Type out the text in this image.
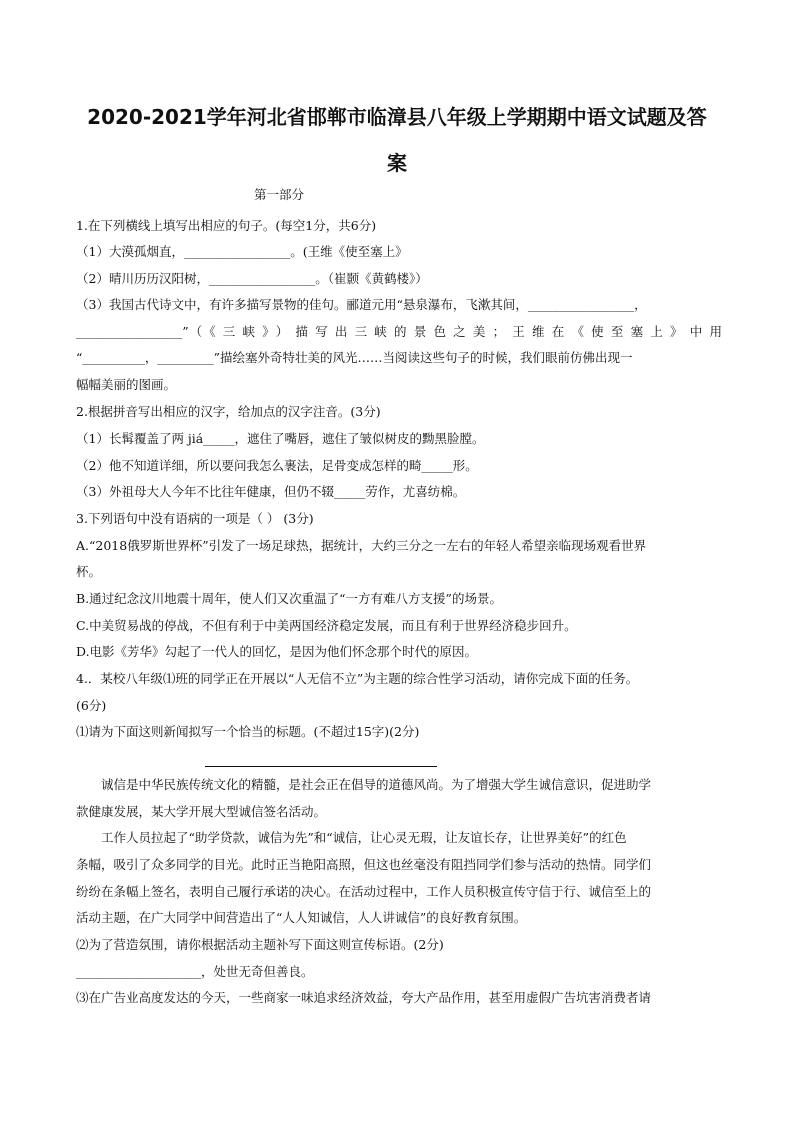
2020-2021学年河北省邯郸市临漳县八年级上学期期中语文试题及答
案
第一部分
1.在下列横线上填写出相应的句子。(每空1分，共6分)
（1）大漠孤烟直，_________________。(王维《使至塞上》
（2）晴川历历汉阳树，_________________。（崔颢《黄鹤楼》）
（3）我国古代诗文中，有许多描写景物的佳句。郦道元用“悬泉瀑布，飞漱其间，_________________，
_________________”（《三峡》）描写出三峡的景色之美；王维在《使至塞上》中用
“__________，_________”描绘塞外奇特壮美的风光……当阅读这些句子的时候，我们眼前仿佛出现一
幅幅美丽的图画。
2.根据拼音写出相应的汉字，给加点的汉字注音。(3分)
（1）长髯覆盖了两 jiá_____，遮住了嘴唇，遮住了皱似树皮的黝黑脸膛。
（2）他不知道详细，所以要问我怎么裹法，足骨变成怎样的畸_____形。
（3）外祖母大人今年不比往年健康，但仍不辍_____劳作，尤喜纺棉。
3.下列语句中没有语病的一项是（ ） (3分)
A.“2018俄罗斯世界杯”引发了一场足球热，据统计，大约三分之一左右的年轻人希望亲临现场观看世界
杯。
B.通过纪念汶川地震十周年，使人们又次重温了“一方有难八方支援”的场景。
C.中美贸易战的停战，不但有利于中美两国经济稳定发展，而且有利于世界经济稳步回升。
D.电影《芳华》勾起了一代人的回忆，是因为他们怀念那个时代的原因。
4.．某校八年级⑴班的同学正在开展以“人无信不立”为主题的综合性学习活动，请你完成下面的任务。
(6分)
⑴请为下面这则新闻拟写一个恰当的标题。(不超过15字)(2分)
诚信是中华民族传统文化的精髓，是社会正在倡导的道德风尚。为了增强大学生诚信意识，促进助学
款健康发展，某大学开展大型诚信签名活动。
工作人员拉起了“助学贷款，诚信为先”和“诚信，让心灵无瑕，让友谊长存，让世界美好”的红色
条幅，吸引了众多同学的目光。此时正当艳阳高照，但这也丝毫没有阻挡同学们参与活动的热情。同学们
纷纷在条幅上签名，表明自己履行承诺的决心。在活动过程中，工作人员积极宣传守信于行、诚信至上的
活动主题，在广大同学中间营造出了“人人知诚信，人人讲诚信”的良好教育氛围。
⑵为了营造氛围，请你根据活动主题补写下面这则宣传标语。(2分)
____________________，处世无奇但善良。
⑶在广告业高度发达的今天，一些商家一味追求经济效益，夸大产品作用，甚至用虚假广告坑害消费者请
